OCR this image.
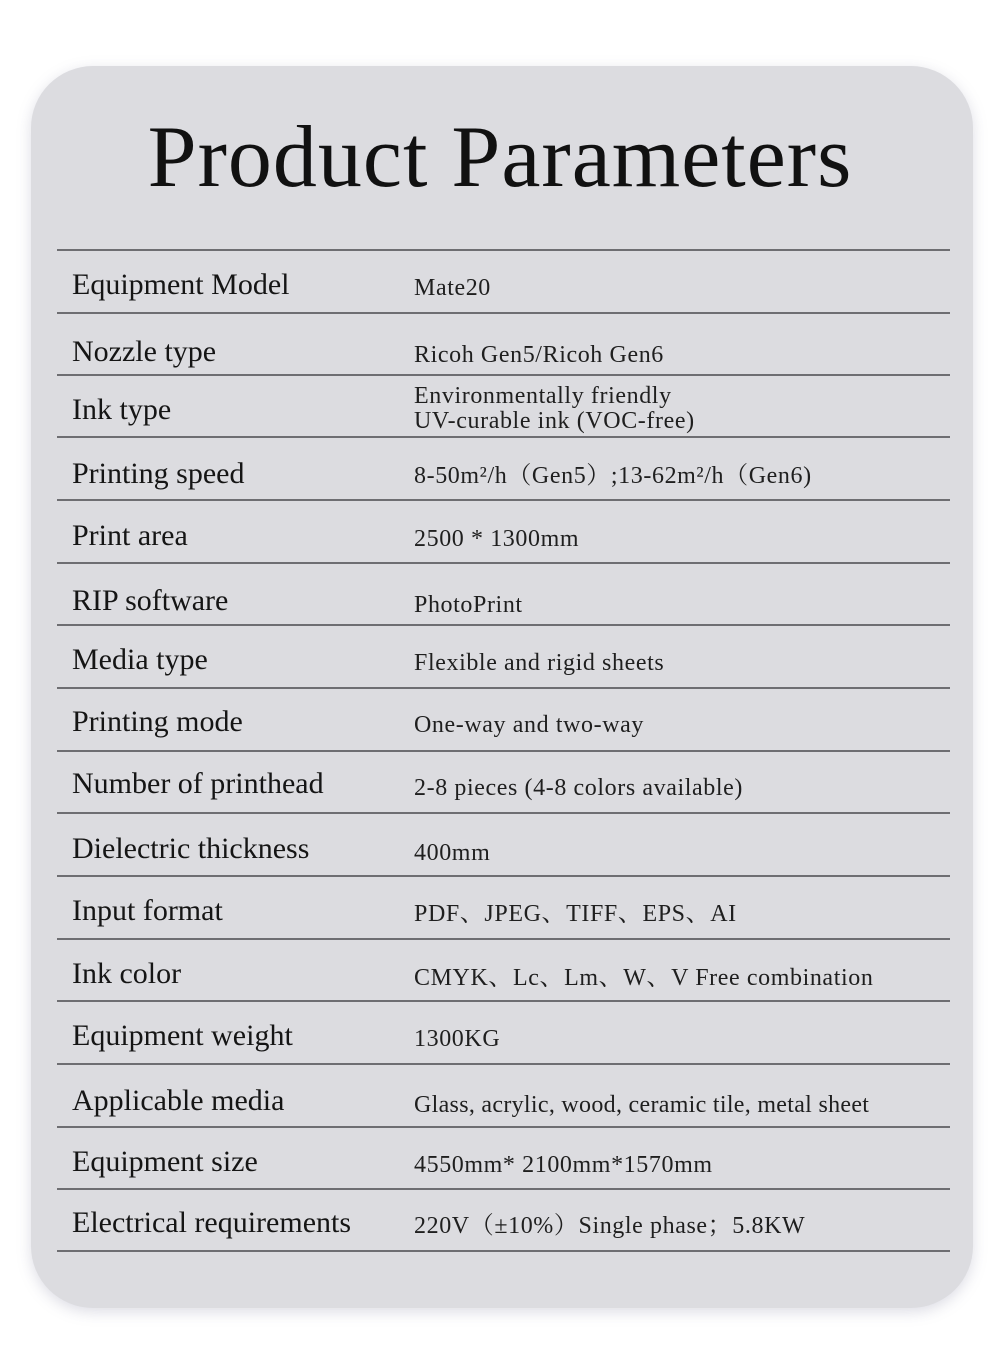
Product Parameters
Equipment Model	Mate20
Nozzle type	Ricoh Gen5/Ricoh Gen6
Ink type	Environmentally friendly
UV-curable ink (VOC-free)
Printing speed	8-50m²/h（Gen5）;13-62m²/h（Gen6)
Print area	2500 * 1300mm
RIP software	PhotoPrint
Media type	Flexible and rigid sheets
Printing mode	One-way and two-way
Number of printhead	2-8 pieces (4-8 colors available)
Dielectric thickness	400mm
Input format	PDF、JPEG、TIFF、EPS、AI
Ink color	CMYK、Lc、Lm、W、V Free combination
Equipment weight	1300KG
Applicable media	Glass, acrylic, wood, ceramic tile, metal sheet
Equipment size	4550mm* 2100mm*1570mm
Electrical requirements	220V（±10%）Single phase；5.8KW
